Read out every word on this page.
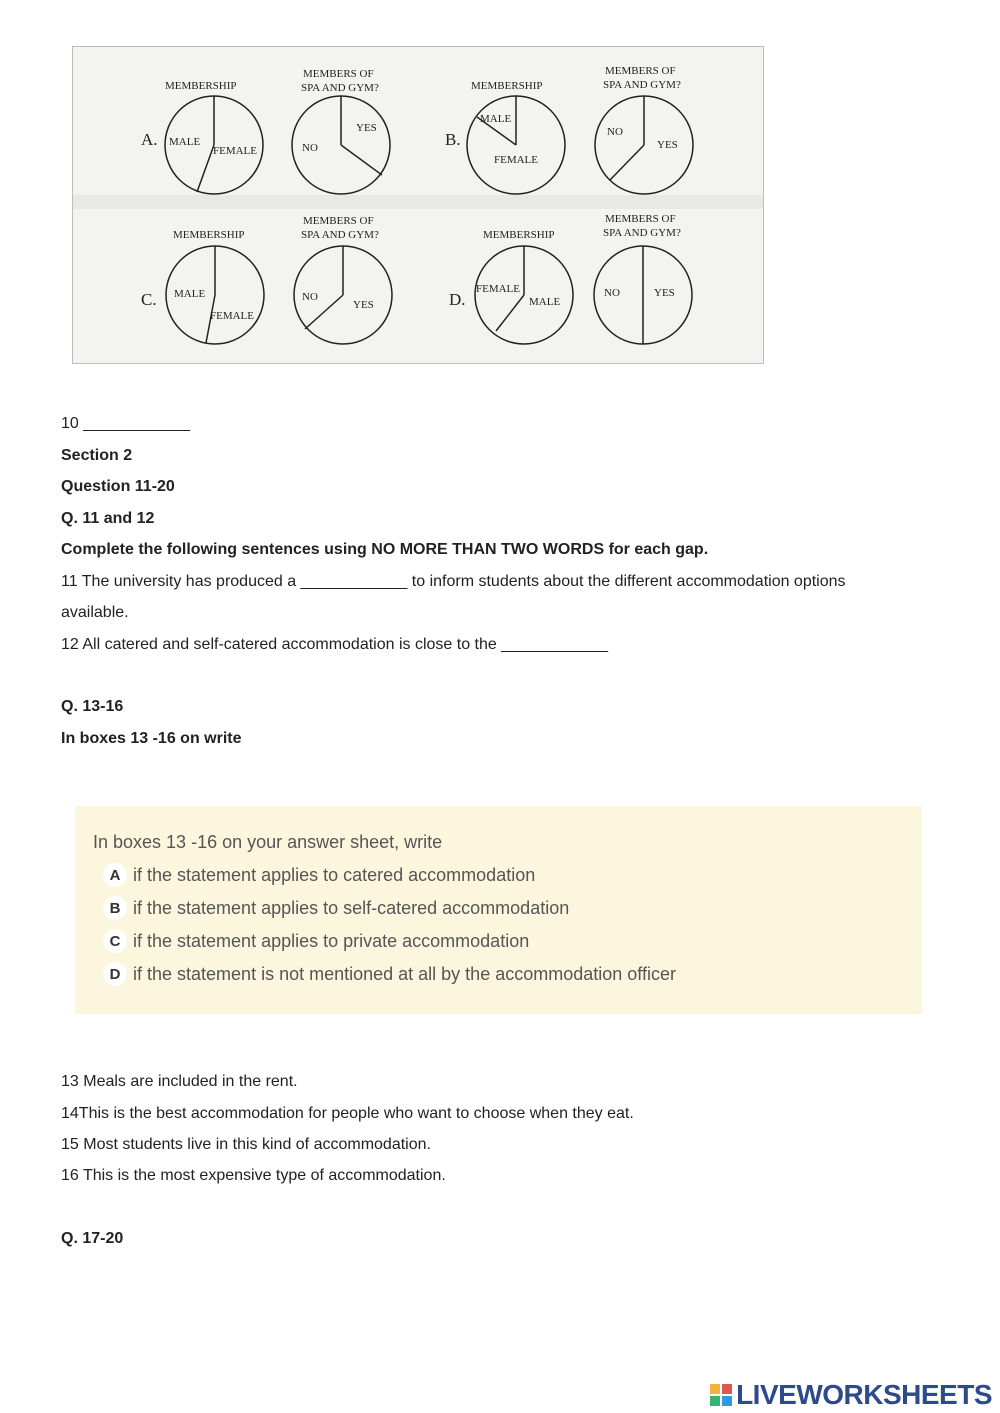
MEMBERSHIP
MEMBERS OF
SPA AND GYM?	MEMBERSHIP
MEMBERS OF
SPA AND GYM?
A. MALE
FEMALE	NO
YES
B.
MALE
FEMALE
NO
YES
MEMBERSHIP
MEMBERS OF
SPA AND GYM?	MEMBERSHIP
MEMBERS OF
SPA AND GYM?
C. MALE
FEMALE
NO
YES	D.
FEMALE
MALE
NO	YES
10 ____________
Section 2
Question 11-20
Q. 11 and 12
Complete the following sentences using NO MORE THAN TWO WORDS for each gap.
11 The university has produced a ____________ to inform students about the different accommodation options
available.
12 All catered and self-catered accommodation is close to the ____________
Q. 13-16
In boxes 13 -16 on write
In boxes 13 -16 on your answer sheet, write
A if the statement applies to catered accommodation
B if the statement applies to self-catered accommodation
C if the statement applies to private accommodation
D if the statement is not mentioned at all by the accommodation officer
13 Meals are included in the rent.
14This is the best accommodation for people who want to choose when they eat.
15 Most students live in this kind of accommodation.
16 This is the most expensive type of accommodation.
Q. 17-20
LIVEWORKSHEETS
